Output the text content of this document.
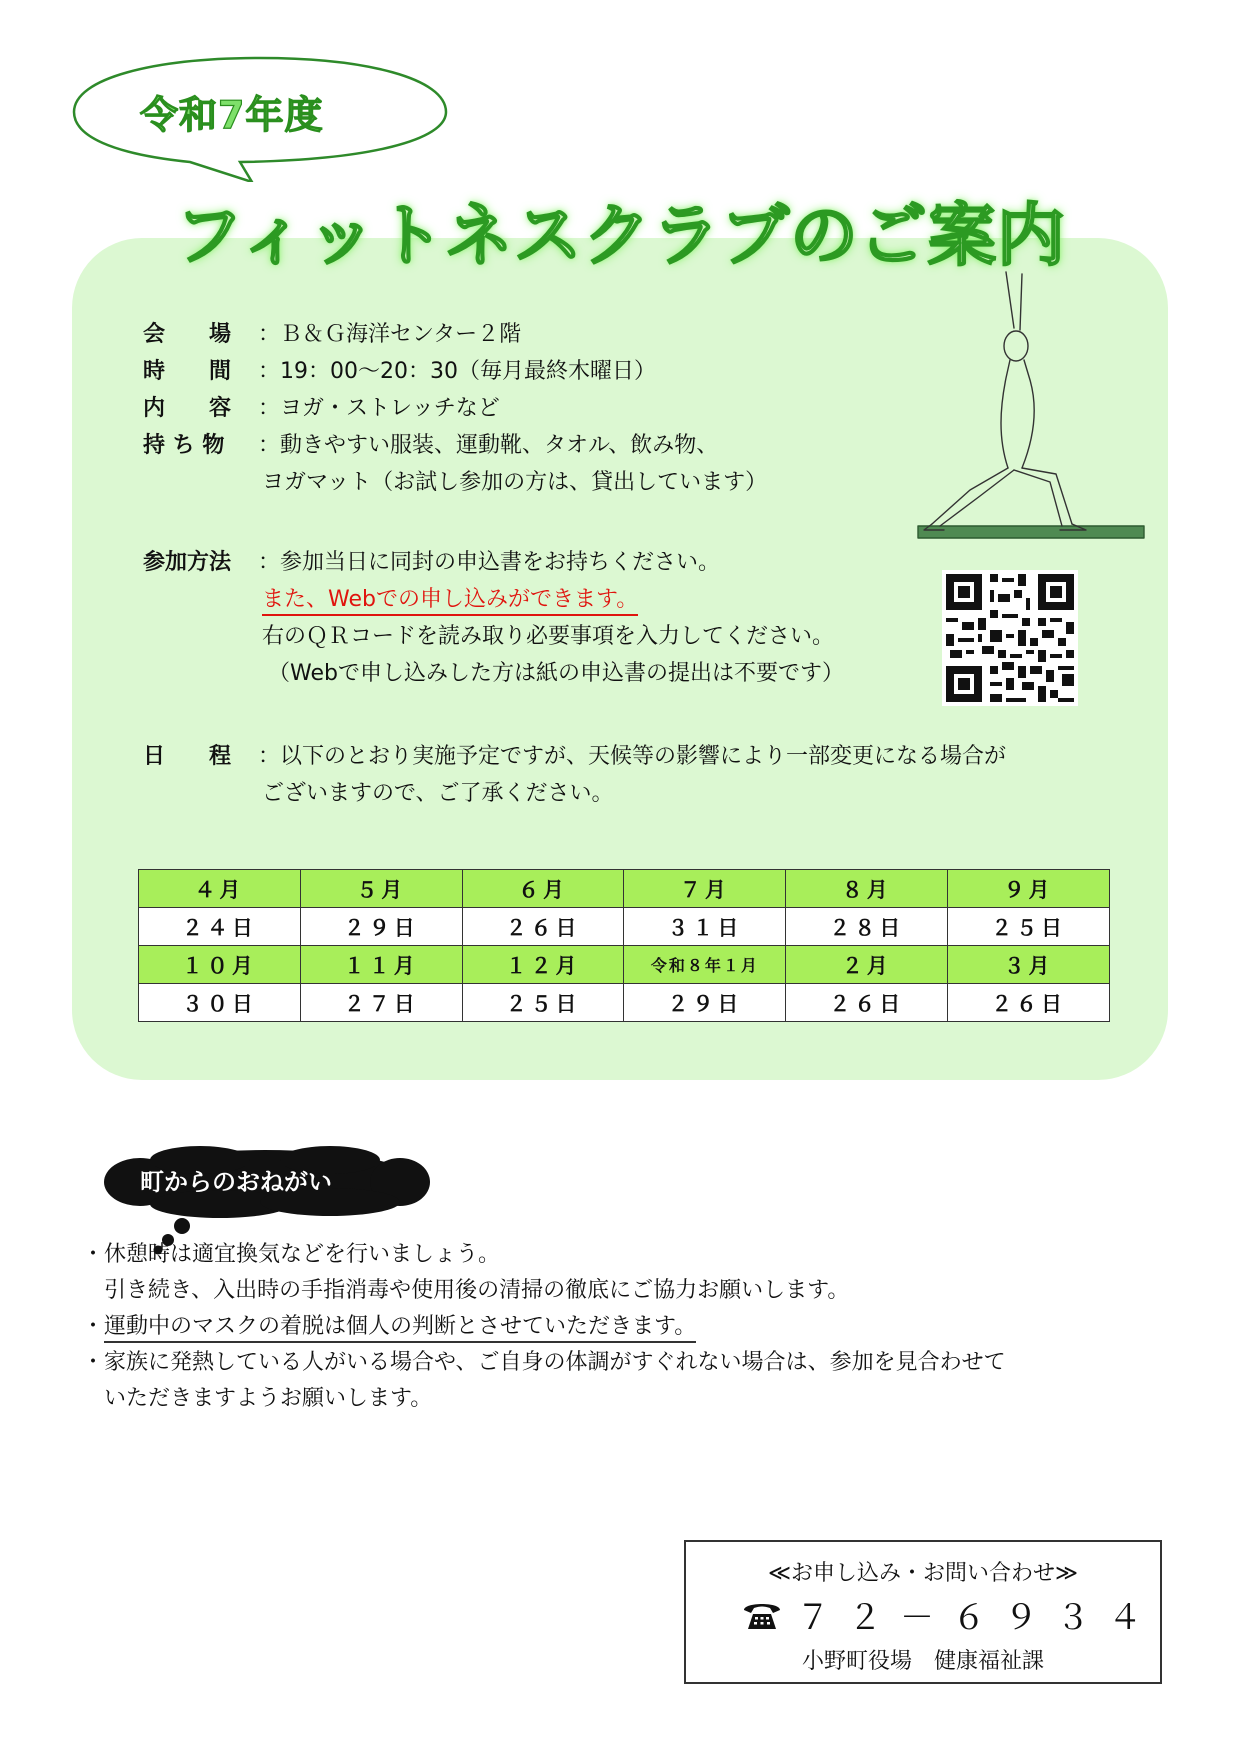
令和7年度
フィットネスクラブのご案内
会　　場 ：Ｂ＆Ｇ海洋センター２階
時　　間 ：19：00～20：30（毎月最終木曜日）
内　　容 ：ヨガ・ストレッチなど
持 ち 物 ：動きやすい服装、運動靴、タオル、飲み物、
ヨガマット（お試し参加の方は、貸出しています）
参加方法 ：参加当日に同封の申込書をお持ちください。
また、Webでの申し込みができます。
右のＱＲコードを読み取り必要事項を入力してください。
（Webで申し込みした方は紙の申込書の提出は不要です）
日　　程 ：以下のとおり実施予定ですが、天候等の影響により一部変更になる場合が
ございますので、ご了承ください。
４月	５月	６月	７月	８月	９月
２４日	２９日	２６日	３１日	２８日	２５日
１０月	１１月	１２月	令和８年１月	２月	３月
３０日	２７日	２５日	２９日	２６日	２６日
町からのおねがい
・休憩時は適宜換気などを行いましょう。
　引き続き、入出時の手指消毒や使用後の清掃の徹底にご協力お願いします。
・運動中のマスクの着脱は個人の判断とさせていただきます。
・家族に発熱している人がいる場合や、ご自身の体調がすぐれない場合は、参加を見合わせて
　いただきますようお願いします。
≪お申し込み・お問い合わせ≫
７２－６９３４
小野町役場　健康福祉課
